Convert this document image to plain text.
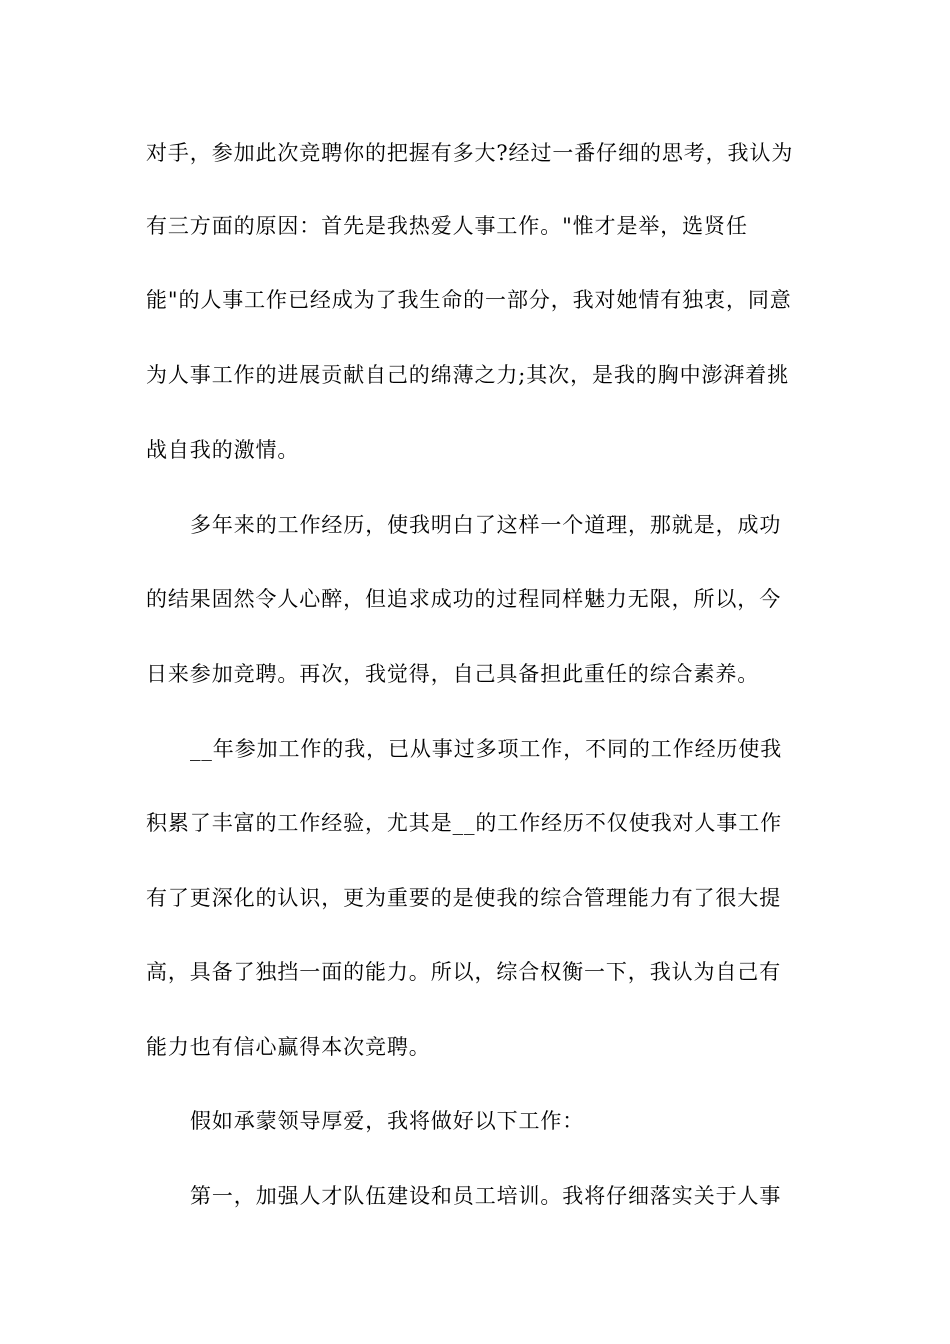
对手，参加此次竞聘你的把握有多大?经过一番仔细的思考，我认为
有三方面的原因：首先是我热爱人事工作。"惟才是举，选贤任
能"的人事工作已经成为了我生命的一部分，我对她情有独衷，同意
为人事工作的进展贡献自己的绵薄之力;其次，是我的胸中澎湃着挑
战自我的激情。
多年来的工作经历，使我明白了这样一个道理，那就是，成功
的结果固然令人心醉，但追求成功的过程同样魅力无限，所以，今
日来参加竞聘。再次，我觉得，自己具备担此重任的综合素养。
__年参加工作的我，已从事过多项工作，不同的工作经历使我
积累了丰富的工作经验，尤其是__的工作经历不仅使我对人事工作
有了更深化的认识，更为重要的是使我的综合管理能力有了很大提
高，具备了独挡一面的能力。所以，综合权衡一下，我认为自己有
能力也有信心赢得本次竞聘。
假如承蒙领导厚爱，我将做好以下工作：
第一，加强人才队伍建设和员工培训。我将仔细落实关于人事
